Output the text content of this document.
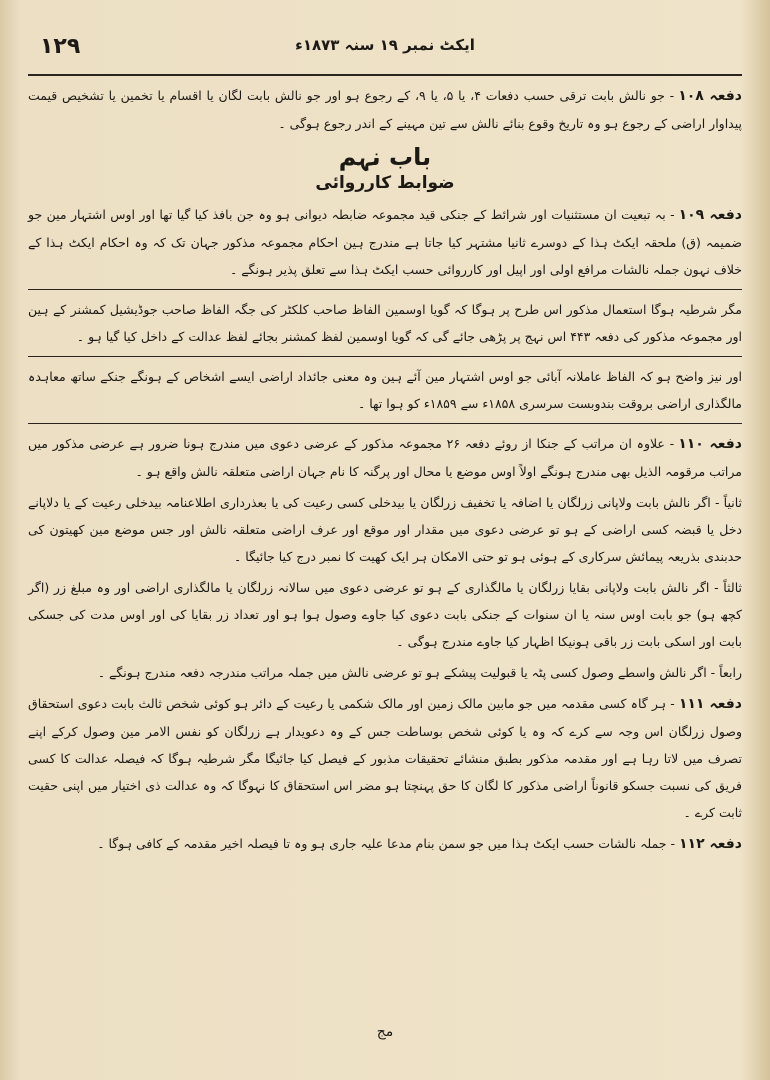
۱۲۹	ایکٹ نمبر ۱۹ سنہ ۱۸۷۳ء

دفعہ ۱۰۸- جو نالش بابت ترقی حسب دفعات ۴، یا ۵، یا ۹، کے رجوع ہو اور جو نالش بابت لگان یا اقسام یا تخمین یا تشخیص قیمت پیداوار اراضی کے رجوع ہو وہ تاریخ وقوع بنائے نالش سے تین مہینے کے اندر رجوع ہوگی ۔

باب نہم
ضوابط کارروائی

دفعہ ۱۰۹- بہ تبعیت ان مستثنیات اور شرائط کے جنکی قید مجموعہ ضابطہ دیوانی ہو وہ جن بافذ کیا گیا تھا اور اوس اشتہار مین جو ضمیمہ (ق) ملحقہ ایکٹ ہذا کے دوسرے ثانیا مشتہر کیا جاتا ہے مندرج ہین احکام مجموعہ مذکور جہان تک کہ وہ احکام ایکٹ ہذا کے خلاف نہون جملہ نالشات مرافع اولی اور اپیل اور کارروائی حسب ایکٹ ہذا سے تعلق پذیر ہونگے ۔

مگر شرطیہ ہوگا استعمال مذکور اس طرح پر ہوگا کہ گویا اوسمین الفاظ صاحب کلکٹر کی جگہ الفاظ صاحب جوڈیشیل کمشنر کے ہین اور مجموعہ مذکور کی دفعہ ۴۴۳ اس نہج پر پڑھی جائے گی کہ گویا اوسمین لفظ کمشنر بجائے لفظ عدالت کے داخل کیا گیا ہو ۔

اور نیز واضح ہو کہ الفاظ عاملانہ آبائی جو اوس اشتہار مین آئے ہین وہ معنی جائداد اراضی ایسے اشخاص کے ہونگے جنکے ساتھ معاہدہ مالگذاری اراضی بروقت بندوبست سرسری ۱۸۵۸ء سے ۱۸۵۹ء کو ہوا تھا ۔

دفعہ ۱۱۰- علاوہ ان مراتب کے جنکا از روئے دفعہ ۲۶ مجموعہ مذکور کے عرضی دعوی میں مندرج ہونا ضرور ہے عرضی مذکور میں مراتب مرقومہ الذیل بھی مندرج ہونگے اولاً اوس موضع یا محال اور پرگنہ کا نام جہان اراضی متعلقہ نالش واقع ہو ۔

ثانیاً - اگر نالش بابت ولاپانی زرلگان یا اضافہ یا تخفیف زرلگان یا بیدخلی کسی رعیت کی یا بعذرداری اطلاعنامہ بیدخلی رعیت کے یا دلاپانے دخل یا قبضہ کسی اراضی کے ہو تو عرضی دعوی میں مقدار اور موقع اور عرف اراضی متعلقہ نالش اور جس موضع مین کھیتون کی حدبندی بذریعہ پیمائش سرکاری کے ہوئی ہو تو حتی الامکان ہر ایک کھیت کا نمبر درج کیا جائیگا ۔

ثالثاً - اگر نالش بابت ولاپانی بقایا زرلگان یا مالگذاری کے ہو تو عرضی دعوی میں سالانہ زرلگان یا مالگذاری اراضی اور وہ مبلغ زر (اگر کچھ ہو) جو بابت اوس سنہ یا ان سنوات کے جنکی بابت دعوی کیا جاوے وصول ہوا ہو اور تعداد زر بقایا کی اور اوس مدت کی جسکی بابت اور اسکی بابت زر باقی ہونیکا اظہار کیا جاوے مندرج ہوگی ۔

رابعاً - اگر نالش واسطے وصول کسی پٹہ یا قبولیت پیشکے ہو تو عرضی نالش میں جملہ مراتب مندرجہ دفعہ مندرج ہونگے ۔

دفعہ ۱۱۱- ہر گاہ کسی مقدمہ میں جو مابین مالک زمین اور مالک شکمی یا رعیت کے دائر ہو کوئی شخص ثالث بابت دعوی استحقاق وصول زرلگان اس وجہ سے کرے کہ وہ یا کوئی شخص بوساطت جس کے وہ دعویدار ہے زرلگان کو نفس الامر مین وصول کرکے اپنے تصرف میں لاتا رہا ہے اور مقدمہ مذکور بطبق منشائے تحقیقات مذبور کے فیصل کیا جائیگا مگر شرطیہ ہوگا کہ فیصلہ عدالت کا کسی فریق کی نسبت جسکو قانوناً اراضی مذکور کا لگان کا حق پہنچتا ہو مضر اس استحقاق کا نہوگا کہ وہ عدالت ذی اختیار میں اپنی حقیت ثابت کرے ۔

دفعہ ۱۱۲- جملہ نالشات حسب ایکٹ ہذا میں جو سمن بنام مدعا علیہ جاری ہو وہ تا فیصلہ اخیر مقدمہ کے کافی ہوگا ۔

مج
